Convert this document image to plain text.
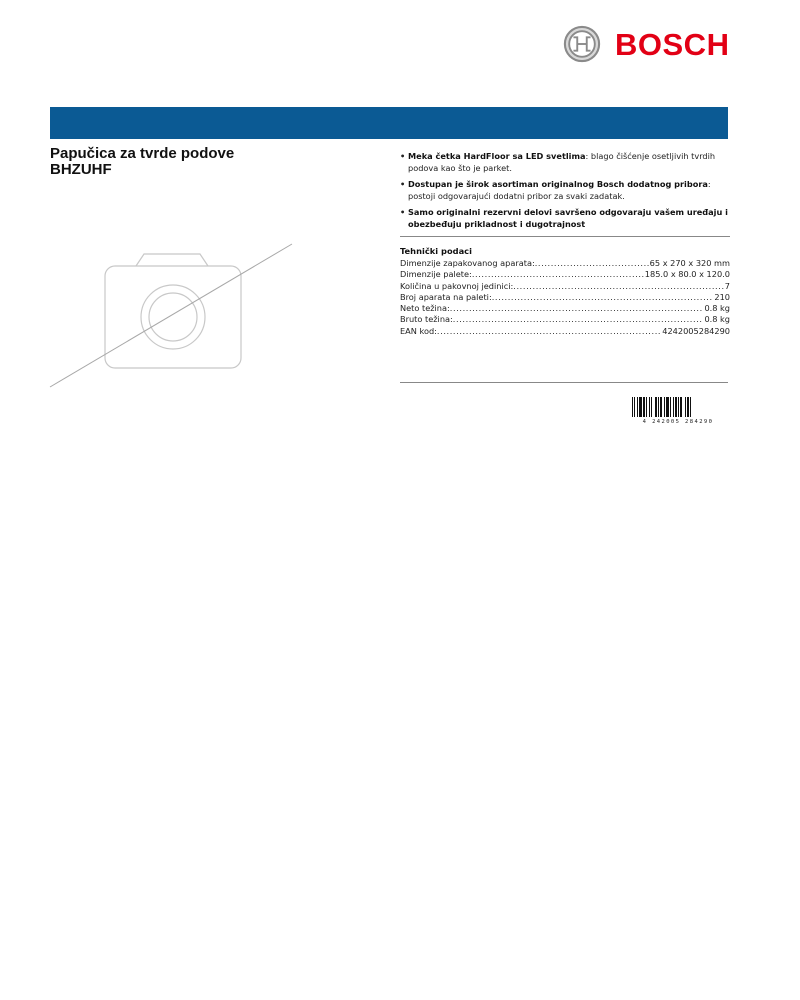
BOSCH
Papučica za tvrde podove
BHZUHF
• Meka četka HardFloor sa LED svetlima: blago čišćenje osetljivih tvrdih podova kao što je parket.
• Dostupan je širok asortiman originalnog Bosch dodatnog pribora: postoji odgovarajući dodatni pribor za svaki zadatak.
• Samo originalni rezervni delovi savršeno odgovaraju vašem uređaju i obezbeđuju prikladnost i dugotrajnost
Tehnički podaci
Dimenzije zapakovanog aparata: .....	65 x 270 x 320 mm
Dimenzije palete: .....	185.0 x 80.0 x 120.0
Količina u pakovnoj jedinici: .....	7
Broj aparata na paleti: .....	210
Neto težina: .....	0.8 kg
Bruto težina: .....	0.8 kg
EAN kod: .....	4242005284290
4 242005 284290
